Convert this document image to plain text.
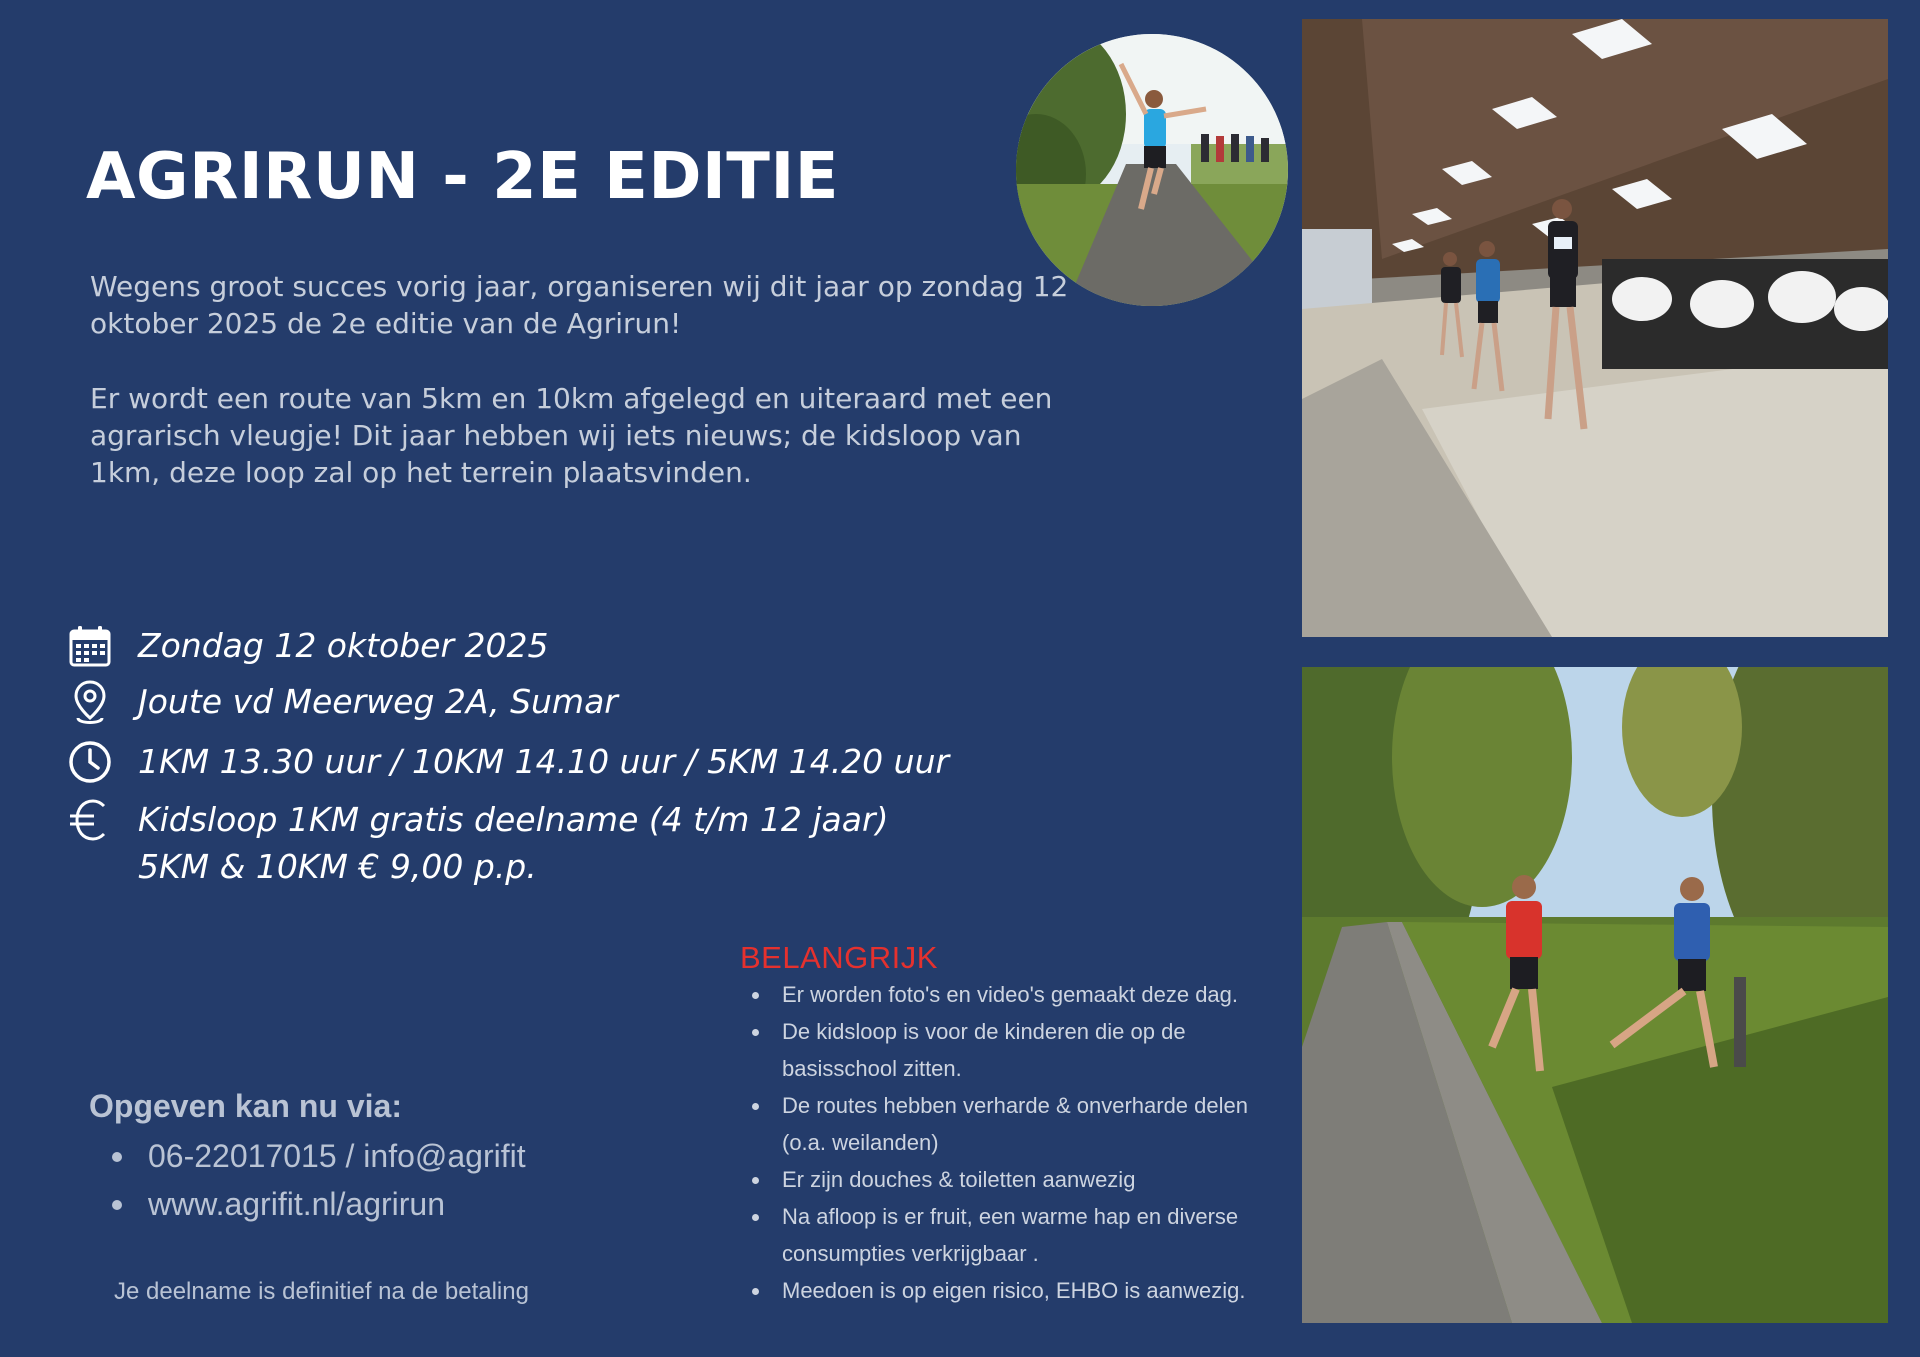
AGRIRUN - 2E EDITIE

Wegens groot succes vorig jaar, organiseren wij dit jaar op zondag 12 oktober 2025 de 2e editie van de Agrirun!

Er wordt een route van 5km en 10km afgelegd en uiteraard met een agrarisch vleugje! Dit jaar hebben wij iets nieuws; de kidsloop van 1km, deze loop zal op het terrein plaatsvinden.

Zondag 12 oktober 2025
Joute vd Meerweg 2A, Sumar
1KM 13.30 uur / 10KM 14.10 uur / 5KM 14.20 uur
Kidsloop 1KM gratis deelname (4 t/m 12 jaar)
5KM & 10KM € 9,00 p.p.
BELANGRIJK
Er worden foto's en video's gemaakt deze dag.
De kidsloop is voor de kinderen die op de basisschool zitten.
De routes hebben verharde & onverharde delen (o.a. weilanden)
Er zijn douches & toiletten aanwezig
Na afloop is er fruit, een warme hap en diverse consumpties verkrijgbaar .
Meedoen is op eigen risico, EHBO is aanwezig.
Opgeven kan nu via:
06-22017015 / info@agrifit
www.agrifit.nl/agrirun
Je deelname is definitief na de betaling
